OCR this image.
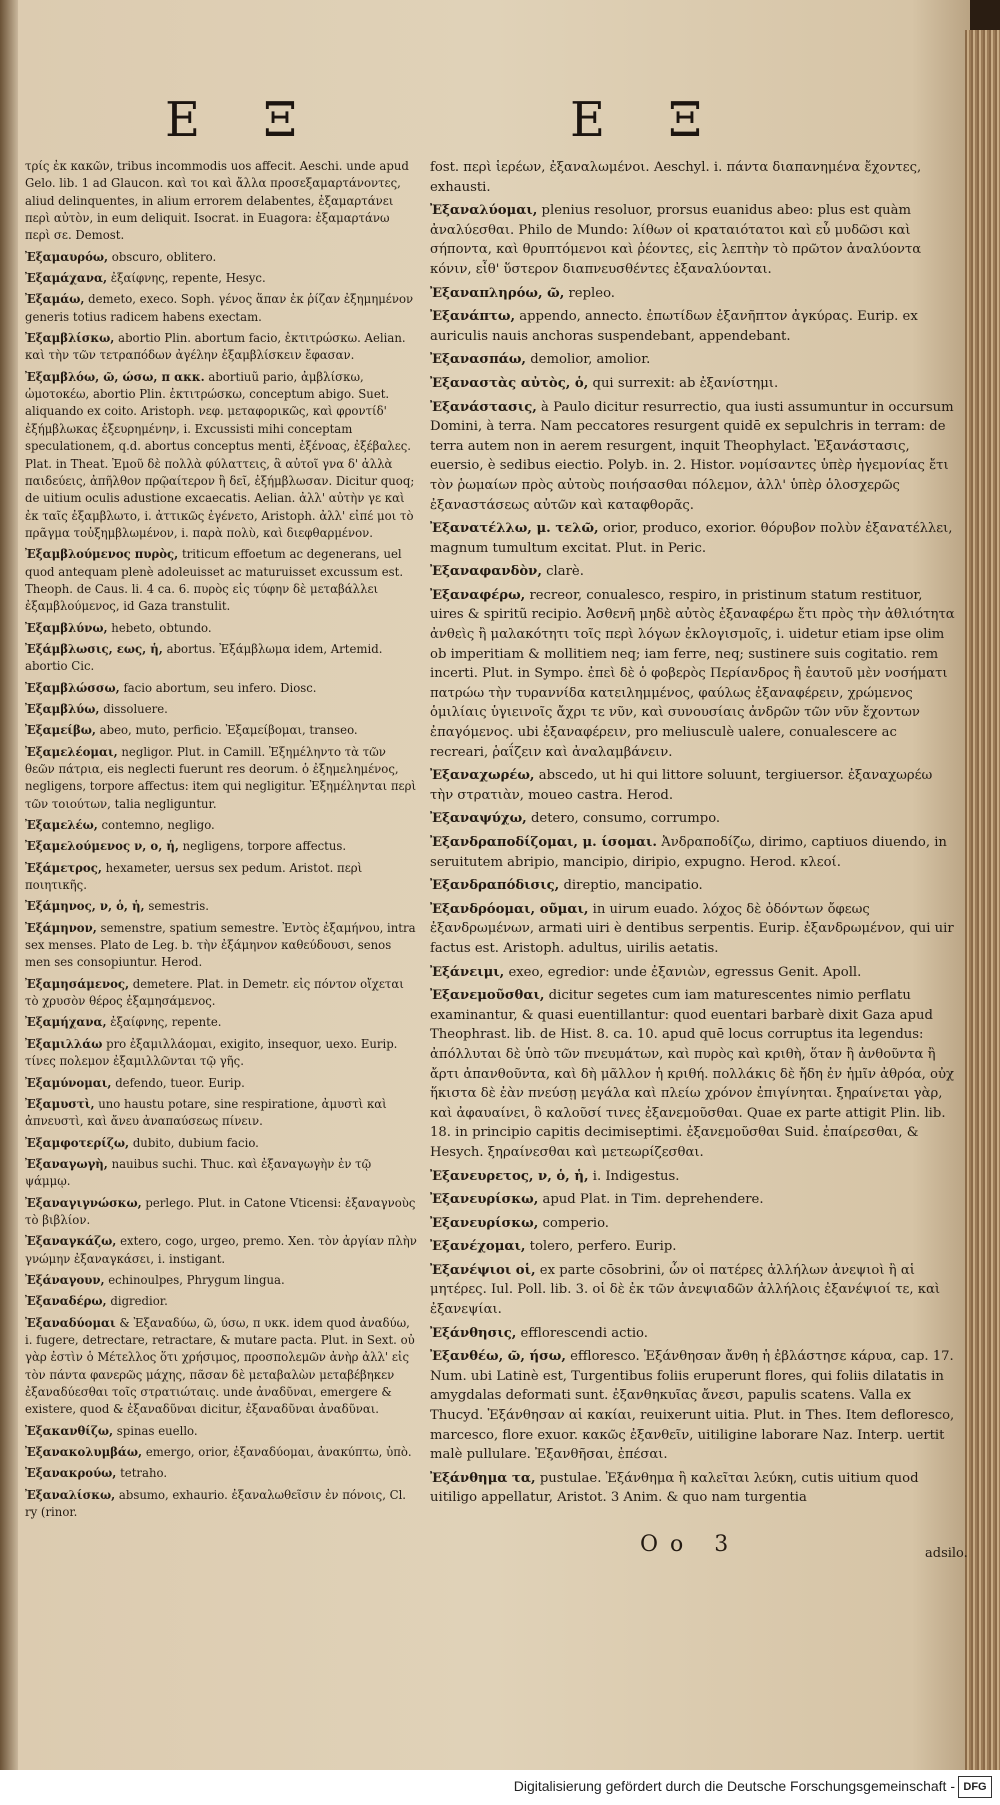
Ε Ξ	Ε Ξ
τρίς ἐκ κακῶν, tribus incommodis uos affecit. Aeschi. unde apud Gelo. lib. 1 ad Glaucon. καὶ τοι καὶ ἄλλα προσεξαμαρτάνοντες, aliud delinquentes, in alium errorem delabentes, ἐξαμαρτάνει περὶ αὐτὸν, in eum deliquit. Isocrat. in Euagora: ἐξαμαρτάνω περὶ σε. Demost.
Ἐξαμαυρόω, obscuro, oblitero.
Ἐξαμάχανα, ἐξαίφνης, repente, Hesyc.
Ἐξαμάω, demeto, execo. Soph. γένος ἅπαν ἐκ ῥίζαν ἐξημημένον generis totius radicem habens exectam.
Ἐξαμβλίσκω, abortio Plin. abortum facio, ἐκτιτρώσκω. Aelian. καὶ τὴν τῶν τετραπόδων ἀγέλην ἐξαμβλίσκειν ἔφασαν.
Ἐξαμβλόω, ῶ, ώσω, π ακκ. abortiuũ pario, ἀμβλίσκω, ὠμοτοκέω, abortio Plin. ἐκτιτρώσκω, conceptum abigo. Suet. aliquando ex coito. Aristoph. νεφ. μεταφορικῶς, καὶ φροντίδ' ἐξήμβλωκας ἐξευρημένην, i. Excussisti mihi conceptam speculationem, q.d. abortus conceptus menti, ἐξένοας, ἐξέβαλες. Plat. in Theat. Ἐμοῦ δὲ πολλὰ φύλαττεις, ἃ αὐτοῖ γνα δ' ἀλλὰ παιδεύεις, ἀπῆλθον πρῷαίτερον ἢ δεῖ, ἐξήμβλωσαν. Dicitur quoq; de uitium oculis adustione excaecatis. Aelian. ἀλλ' αὐτὴν γε καὶ ἐκ ταῖς ἐξαμβλωτο, i. ἀττικῶς ἐγένετο, Aristoph. ἀλλ' εἰπέ μοι τὸ πρᾶγμα τοὐξημβλωμένον, i. παρὰ πολὺ, καὶ διεφθαρμένον.
Ἐξαμβλούμενος πυρὸς, triticum effoetum ac degenerans, uel quod antequam plenè adoleuisset ac maturuisset excussum est. Theoph. de Caus. li. 4 ca. 6. πυρὸς εἰς τύφην δὲ μεταβάλλει ἐξαμβλούμενος, id Gaza transtulit.
Ἐξαμβλύνω, hebeto, obtundo.
Ἐξάμβλωσις, εως, ἡ, abortus. Ἐξάμβλωμα idem, Artemid. abortio Cic.
Ἐξαμβλώσσω, facio abortum, seu infero. Diosc.
Ἐξαμβλύω, dissoluere.
Ἐξαμείβω, abeo, muto, perficio. Ἐξαμείβομαι, transeo.
Ἐξαμελέομαι, negligor. Plut. in Camill. Ἐξημέληντο τὰ τῶν θεῶν πάτρια, eis neglecti fuerunt res deorum. ὁ ἐξημελημένος, negligens, torpore affectus: item qui negligitur. Ἐξημέληνται περὶ τῶν τοιούτων, talia negliguntur.
Ἐξαμελέω, contemno, negligo.
Ἐξαμελούμενος ν, ο, ἡ, negligens, torpore affectus.
Ἐξάμετρος, hexameter, uersus sex pedum. Aristot. περὶ ποιητικῆς.
Ἐξάμηνος, ν, ὁ, ἡ, semestris.
Ἐξάμηνον, semenstre, spatium semestre. Ἐντὸς ἐξαμήνου, intra sex menses. Plato de Leg. b. τὴν ἐξάμηνον καθεύδουσι, senos men ses consopiuntur. Herod.
Ἐξαμησάμενος, demetere. Plat. in Demetr. εἰς πόντον οἴχεται τὸ χρυσὸν θέρος ἐξαμησάμενος.
Ἐξαμήχανα, ἐξαίφνης, repente.
Ἐξαμιλλάω pro ἐξαμιλλάομαι, exigito, insequor, uexo. Eurip. τίνες πολεμον ἐξαμιλλῶνται τῷ γῆς.
Ἐξαμύνομαι, defendo, tueor. Eurip.
Ἐξαμυστὶ, uno haustu potare, sine respiratione, ἀμυστὶ καὶ ἀπνευστὶ, καὶ ἄνευ ἀναπαύσεως πίνειν.
Ἐξαμφοτερίζω, dubito, dubium facio.
Ἐξαναγωγὴ, nauibus suchi. Thuc. καὶ ἐξαναγωγὴν ἐν τῷ ψάμμῳ.
Ἐξαναγιγνώσκω, perlego. Plut. in Catone Vticensi: ἐξαναγνοὺς τὸ βιβλίον.
Ἐξαναγκάζω, extero, cogo, urgeo, premo. Xen. τὸν ἀργίαν πλὴν γνώμην ἐξαναγκάσει, i. instigant.
Ἐξάναγουν, echinoulpes, Phrygum lingua.
Ἐξαναδέρω, digredior.
Ἐξαναδύομαι & Ἐξαναδύω, ῶ, ύσω, π υκκ. idem quod ἀναδύω, i. fugere, detrectare, retractare, & mutare pacta. Plut. in Sext. οὐ γὰρ ἐστὶν ὁ Μέτελλος ὅτι χρήσιμος, προσπολεμῶν ἀνὴρ ἀλλ' εἰς τὸν πάντα φανερῶς μάχης, πᾶσαν δὲ μεταβαλὼν μεταβέβηκεν ἐξαναδύεσθαι τοῖς στρατιώταις. unde ἀναδῦναι, emergere & existere, quod & ἐξαναδῦναι dicitur, ἐξαναδῦναι ἀναδῦναι.
Ἐξακανθίζω, spinas euello.
Ἐξανακολυμβάω, emergo, orior, ἐξαναδύομαι, ἀνακύπτω, ὑπὸ.
Ἐξανακρούω, tetraho.
Ἐξαναλίσκω, absumo, exhaurio. ἐξαναλωθεῖσιν ἐν πόνοις, Cl. ry (rinor.
fost. περὶ ἱερέων, ἐξαναλωμένοι. Aeschyl. i. πάντα διαπανημένα ἔχοντες, exhausti.
Ἐξαναλύομαι, plenius resoluor, prorsus euanidus abeo: plus est quàm ἀναλύεσθαι. Philo de Mundo: λίθων οἱ κραταιότατοι καὶ εὖ μυδῶσι καὶ σήποντα, καὶ θρυπτόμενοι καὶ ῥέοντες, εἰς λεπτὴν τὸ πρῶτον ἀναλύοντα κόνιν, εἶθ' ὕστερον διαπνευσθέντες ἐξαναλύονται.
Ἐξαναπληρόω, ῶ, repleo.
Ἐξανάπτω, appendo, annecto. ἐπωτίδων ἐξανῆπτον ἀγκύρας. Eurip. ex auriculis nauis anchoras suspendebant, appendebant.
Ἐξανασπάω, demolior, amolior.
Ἐξαναστὰς αὐτὸς, ὁ, qui surrexit: ab ἐξανίστημι.
Ἐξανάστασις, à Paulo dicitur resurrectio, qua iusti assumuntur in occursum Domini, à terra. Nam peccatores resurgent quidē ex sepulchris in terram: de terra autem non in aerem resurgent, inquit Theophylact. Ἐξανάστασις, euersio, è sedibus eiectio. Polyb. in. 2. Histor. νομίσαντες ὑπὲρ ἠγεμονίας ἔτι τὸν ῥωμαίων πρὸς αὐτοὺς ποιήσασθαι πόλεμον, ἀλλ' ὑπὲρ ὁλοσχερῶς ἐξαναστάσεως αὐτῶν καὶ καταφθορᾶς.
Ἐξανατέλλω, μ. τελῶ, orior, produco, exorior. θόρυβον πολὺν ἐξανατέλλει, magnum tumultum excitat. Plut. in Peric.
Ἐξαναφανδὸν, clarè.
Ἐξαναφέρω, recreor, conualesco, respiro, in pristinum statum restituor, uires & spiritũ recipio. Ἀσθενῆ μηδὲ αὐτὸς ἐξαναφέρω ἔτι πρὸς τὴν ἀθλιότητα ἀνθεὶς ἢ μαλακότητι τοῖς περὶ λόγων ἐκλογισμοῖς, i. uidetur etiam ipse olim ob imperitiam & mollitiem neq; iam ferre, neq; sustinere suis cogitatio. rem incerti. Plut. in Sympo. ἐπεὶ δὲ ὁ φοβερὸς Περίανδρος ἢ ἑαυτοῦ μὲν νοσήματι πατρώω τὴν τυραννίδα κατειλημμένος, φαύλως ἐξαναφέρειν, χρώμενος ὁμιλίαις ὑγιεινοῖς ἄχρι τε νῦν, καὶ συνουσίαις ἀνδρῶν τῶν νῦν ἔχοντων ἐπαγόμενος. ubi ἐξαναφέρειν, pro meliusculè ualere, conualescere ac recreari, ῥαΐζειν καὶ ἀναλαμβάνειν.
Ἐξαναχωρέω, abscedo, ut hi qui littore soluunt, tergiuersor. ἐξαναχωρέω τὴν στρατιὰν, moueo castra. Herod.
Ἐξαναψύχω, detero, consumo, corrumpo.
Ἐξανδραποδίζομαι, μ. ίσομαι. Ἀνδραποδίζω, dirimo, captiuos diuendo, in seruitutem abripio, mancipio, diripio, expugno. Herod. κλεοί.
Ἐξανδραπόδισις, direptio, mancipatio.
Ἐξανδρόομαι, οῦμαι, in uirum euado. λόχος δὲ ὀδόντων ὄφεως ἐξανδρωμένων, armati uiri è dentibus serpentis. Eurip. ἐξανδρωμένον, qui uir factus est. Aristoph. adultus, uirilis aetatis.
Ἐξάνειμι, exeo, egredior: unde ἐξανιὼν, egressus Genit. Apoll.
Ἐξανεμοῦσθαι, dicitur segetes cum iam maturescentes nimio perflatu examinantur, & quasi euentillantur: quod euentari barbarè dixit Gaza apud Theophrast. lib. de Hist. 8. ca. 10. apud quē locus corruptus ita legendus: ἀπόλλυται δὲ ὑπὸ τῶν πνευμάτων, καὶ πυρὸς καὶ κριθὴ, ὅταν ἢ ἀνθοῦντα ἢ ἄρτι ἀπανθοῦντα, καὶ δὴ μᾶλλον ἡ κριθή. πολλάκις δὲ ἤδη ἐν ἡμῖν ἀθρόα, οὐχ ἥκιστα δὲ ἐὰν πνεύσῃ μεγάλα καὶ πλείω χρόνον ἐπιγίνηται. ξηραίνεται γὰρ, καὶ ἀφαυαίνει, ὃ καλοῦσί τινες ἐξανεμοῦσθαι. Quae ex parte attigit Plin. lib. 18. in principio capitis decimiseptimi. ἐξανεμοῦσθαι Suid. ἐπαίρεσθαι, & Hesych. ξηραίνεσθαι καὶ μετεωρίζεσθαι.
Ἐξανευρετος, ν, ὁ, ἡ, i. Indigestus.
Ἐξανευρίσκω, apud Plat. in Tim. deprehendere.
Ἐξανευρίσκω, comperio.
Ἐξανέχομαι, tolero, perfero. Eurip.
Ἐξανέψιοι οἱ, ex parte cōsobrini, ὧν οἱ πατέρες ἀλλήλων ἀνεψιοὶ ἢ αἱ μητέρες. Iul. Poll. lib. 3. οἱ δὲ ἐκ τῶν ἀνεψιαδῶν ἀλλήλοις ἐξανέψιοί τε, καὶ ἐξανεψίαι.
Ἐξάνθησις, efflorescendi actio.
Ἐξανθέω, ῶ, ήσω, effloresco. Ἐξάνθησαν ἄνθη ἡ ἐβλάστησε κάρυα, cap. 17. Num. ubi Latinè est, Turgentibus foliis eruperunt flores, qui foliis dilatatis in amygdalas deformati sunt. ἐξανθηκυῖας ἄνεσι, papulis scatens. Valla ex Thucyd. Ἐξάνθησαν αἱ κακίαι, reuixerunt uitia. Plut. in Thes. Item defloresco, marcesco, flore exuor. κακῶς ἐξανθεῖν, uitiligine laborare Naz. Interp. uertit malè pullulare. Ἐξανθῆσαι, ἐπέσαι.
Ἐξάνθημα τα, pustulae. Ἐξάνθημα ἢ καλεῖται λεύκη, cutis uitium quod uitiligo appellatur, Aristot. 3 Anim. & quo nam turgentia
Oo 3	adsilo.
Digitalisierung gefördert durch die Deutsche Forschungsgemeinschaft - DFG
